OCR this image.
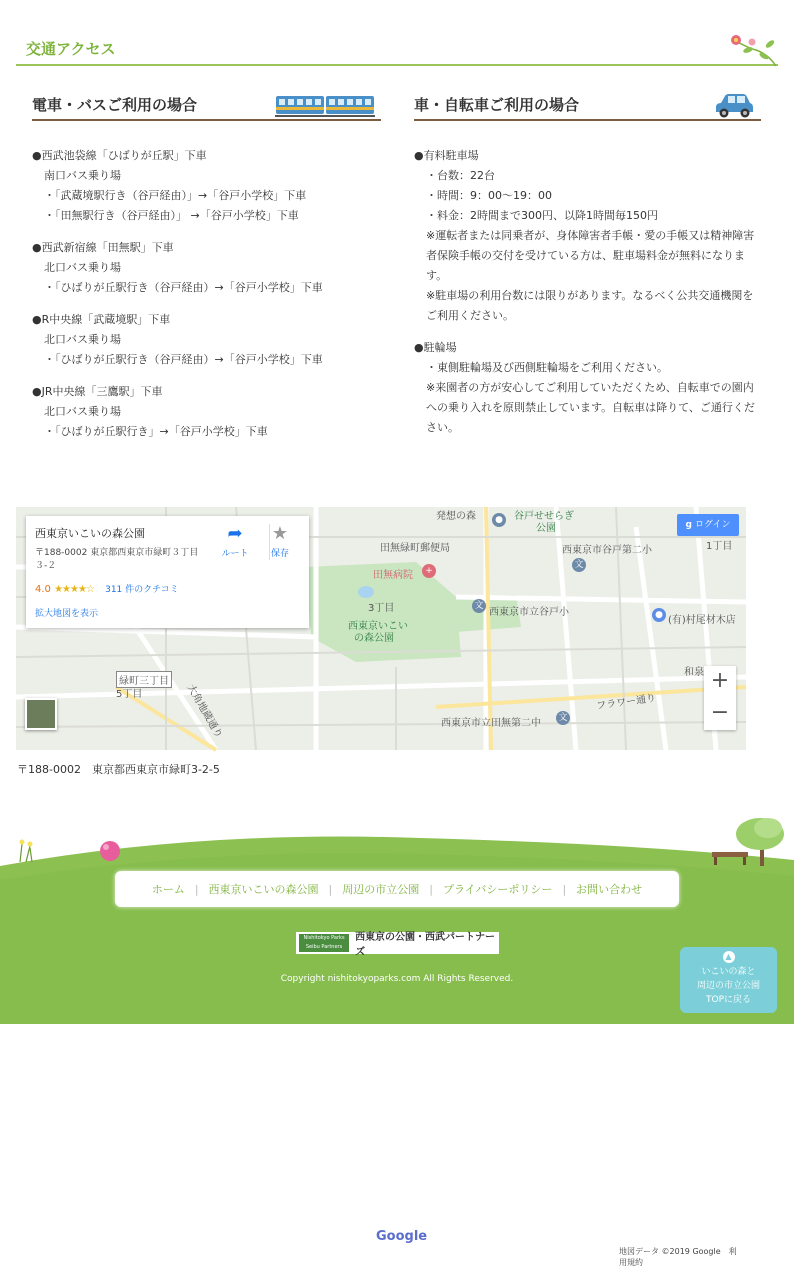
交通アクセス
電車・バスご利用の場合	車・自転車ご利用の場合
●西武池袋線「ひばりが丘駅」下車
南口バス乗り場
・「武蔵境駅行き（谷戸経由）」→「谷戸小学校」下車
・「田無駅行き（谷戸経由）」 →「谷戸小学校」下車
●西武新宿線「田無駅」下車
北口バス乗り場
・「ひばりが丘駅行き（谷戸経由）→「谷戸小学校」下車
●R中央線「武蔵境駅」下車
北口バス乗り場
・「ひばりが丘駅行き（谷戸経由）→「谷戸小学校」下車
●JR中央線「三鷹駅」下車
北口バス乗り場
・「ひばりが丘駅行き」→「谷戸小学校」下車
●有料駐車場
・台数：22台
・時間：9：00〜19：00
・料金：2時間まで300円、以降1時間毎150円
※運転者または同乗者が、身体障害者手帳・愛の手帳又は精神障害者保険手帳の交付を受けている方は、駐車場料金が無料になります。
※駐車場の利用台数には限りがあります。なるべく公共交通機関をご利用ください。
●駐輪場
・東側駐輪場及び西側駐輪場をご利用ください。
※来園者の方が安心してご利用していただくため、自転車での園内への乗り入れを原則禁止しています。自転車は降りて、ご通行ください。
発想の森	谷戸せせらぎ
公園
田無緑町郵便局
田無病院	+
西東京市谷戸第二小	1丁目
文
文
西東京市立谷戸小	● (有)村尾材木店
西東京いこい
の森公園
3丁目
緑町三丁目
5丁目	フラワー通り
西東京市立田無第二中 文
和泉
大角地蔵通り
●
Google
地図データ ©2019 Google　利用規約
西東京いこいの森公園
〒188-0002 東京都西東京市緑町３丁目３-２
4.0 ★★★★☆ 311 件のクチコミ
拡大地図を表示
➦
ルート
★
保存
g ログイン
+
−
〒188-0002　東京都西東京市緑町3-2-5
ホーム | 西東京いこいの森公園 | 周辺の市立公園 | プライバシーポリシー | お問い合わせ
Nishitokyo Parks Seibu Partners
西東京の公園・西武パートナーズ
Copyright nishitokyoparks.com All Rights Reserved.
▲
いこいの森と
周辺の市立公園
TOPに戻る
